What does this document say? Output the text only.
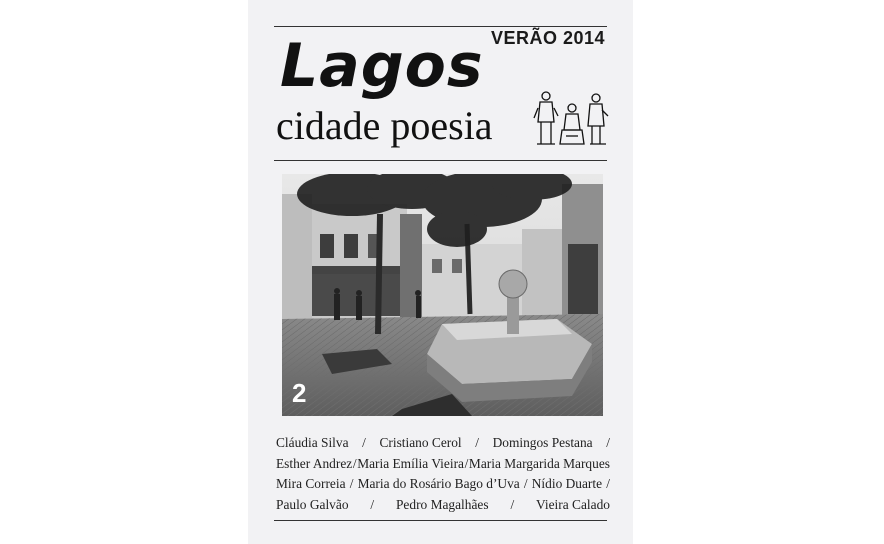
VERÃO 2014

Lagos
cidade poesia

2

Cláudia Silva / Cristiano Cerol / Domingos Pestana /
Esther Andrez / Maria Emília Vieira / Maria Margarida Marques
Mira Correia / Maria do Rosário Bago d’Uva / Nídio Duarte /
Paulo Galvão / Pedro Magalhães / Vieira Calado
